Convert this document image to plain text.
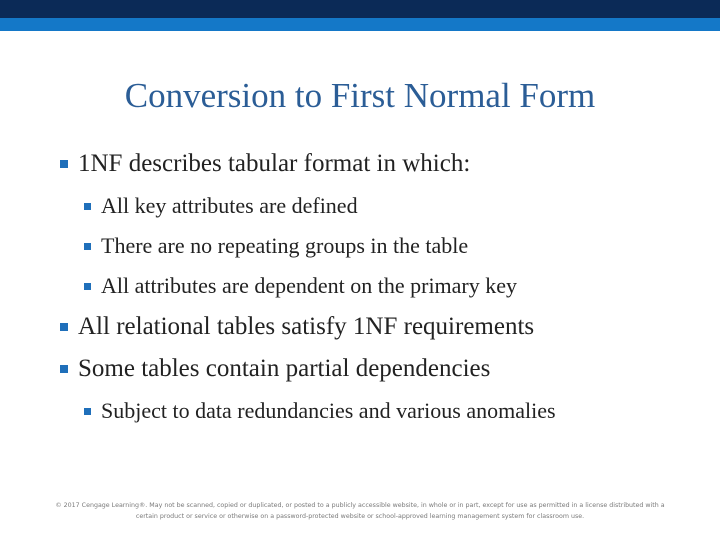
Conversion to First Normal Form
1NF describes tabular format in which:
All key attributes are defined
There are no repeating groups in the table
All attributes are dependent on the primary key
All relational tables satisfy 1NF requirements
Some tables contain partial dependencies
Subject to data redundancies and various anomalies
© 2017 Cengage Learning®. May not be scanned, copied or duplicated, or posted to a publicly accessible website, in whole or in part, except for use as permitted in a license distributed with a
certain product or service or otherwise on a password-protected website or school-approved learning management system for classroom use.
